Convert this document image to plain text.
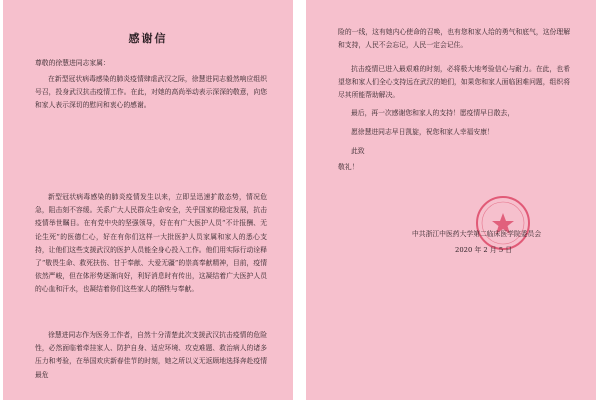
感谢信
尊敬的徐慧进同志家属：

在新型冠状病毒感染的肺炎疫情肆虐武汉之际，徐慧进同志毅然响应组织号召，投身武汉抗击疫情工作。在此，对她的高尚举动表示深深的敬意，向您和家人表示深切的慰问和衷心的感谢。

新型冠状病毒感染的肺炎疫情发生以来，立即呈迅速扩散态势，情况危急，阻击刻不容缓。关系广大人民群众生命安全，关乎国家的稳定发展，抗击疫情举世瞩目。在有党中央的坚强领导，好在有广大医护人员“不计报酬、无论生死”的医德仁心，好在有你们这样一大批医护人员家属和家人的悉心支持，让他们这些支援武汉的医护人员能全身心投入工作。他们用实际行动诠释了“敬畏生命、救死扶伤、甘于奉献、大爱无疆”的崇高奉献精神，目前，疫情依然严峻，但在体形势逐渐向好，利好消息时有传出，这凝结着广大医护人员的心血和汗水，也凝结着你们这些家人的牺牲与奉献。

徐慧进同志作为医务工作者，自然十分清楚此次支援武汉抗击疫情的危险性，必然面临着牵挂家人、防护自身、适应环境、攻克难题、救治病人的诸多压力和考验，在举国欢庆新春佳节的时刻，她之所以义无返顾地选择奔赴疫情最危

险的一线，这有她内心使命的召唤，也有您和家人给的勇气和底气，这份理解和支持，人民不会忘记，人民一定会记住。

抗击疫情已进入最艰难的时刻，必将极大地考验信心与耐力。在此，也希望您和家人们全心支持远在武汉的她们，如果您和家人面临困难问题，组织将尽其所能帮助解决。

最后，再一次感谢您和家人的支持！愿疫情早日散去，

愿徐慧进同志早日凯旋，祝您和家人幸福安康！

此致
敬礼！
中共浙江中医药大学第二临床医学院委员会
2020 年 2 月 5 日
